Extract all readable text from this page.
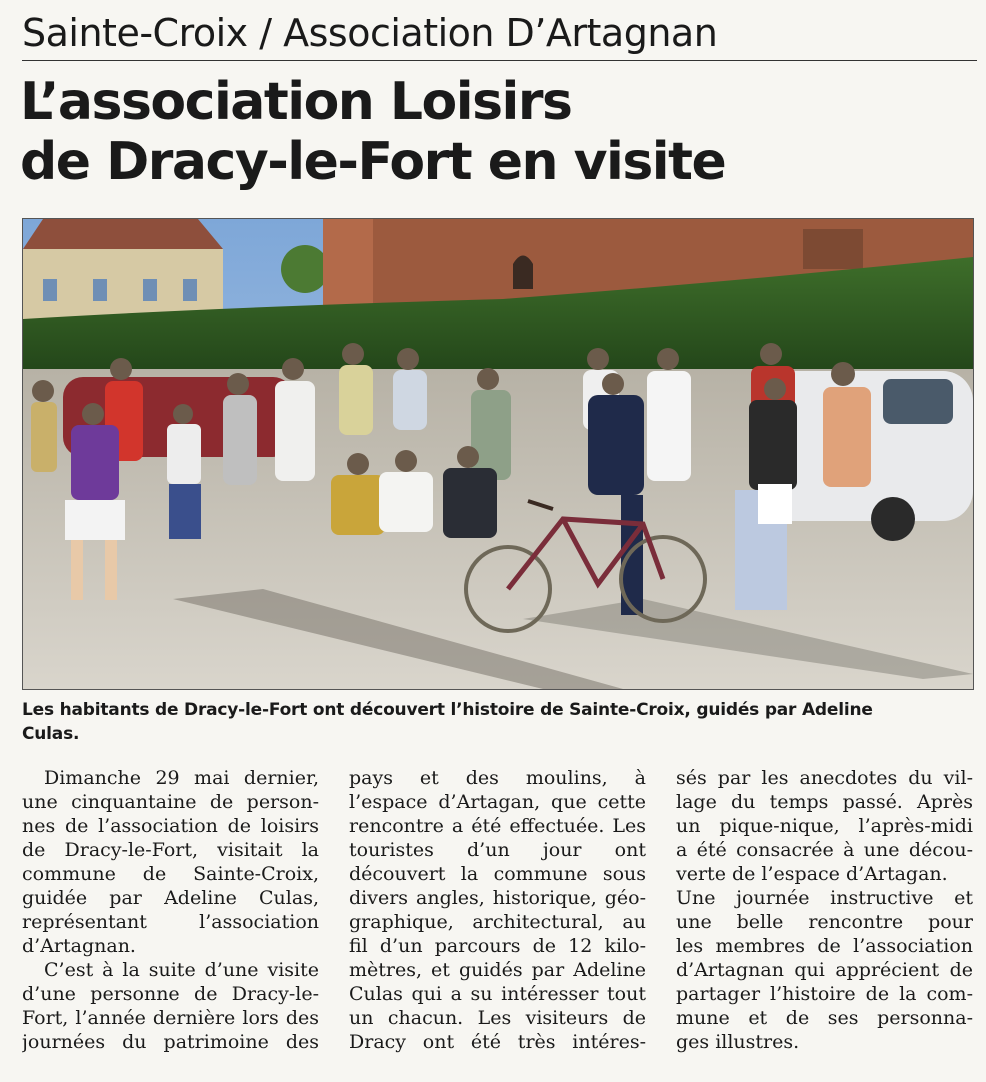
Sainte-Croix / Association D’Artagnan
L’association Loisirs
de Dracy-le-Fort en visite
Les habitants de Dracy-le-Fort ont découvert l’histoire de Sainte-Croix, guidés par Adeline
Culas.
Dimanche 29 mai dernier,
une cinquantaine de person-
nes de l’association de loisirs
de Dracy-le-Fort, visitait la
commune de Sainte-Croix,
guidée par Adeline Culas,
représentant l’association
d’Artagnan.
C’est à la suite d’une visite
d’une personne de Dracy-le-
Fort, l’année dernière lors des
journées du patrimoine des
pays et des moulins, à
l’espace d’Artagan, que cette
rencontre a été effectuée. Les
touristes d’un jour ont
découvert la commune sous
divers angles, historique, géo-
graphique, architectural, au
fil d’un parcours de 12 kilo-
mètres, et guidés par Adeline
Culas qui a su intéresser tout
un chacun. Les visiteurs de
Dracy ont été très intéres-
sés par les anecdotes du vil-
lage du temps passé. Après
un pique-nique, l’après-midi
a été consacrée à une décou-
verte de l’espace d’Artagan.
Une journée instructive et
une belle rencontre pour
les membres de l’association
d’Artagnan qui apprécient de
partager l’histoire de la com-
mune et de ses personna-
ges illustres.
